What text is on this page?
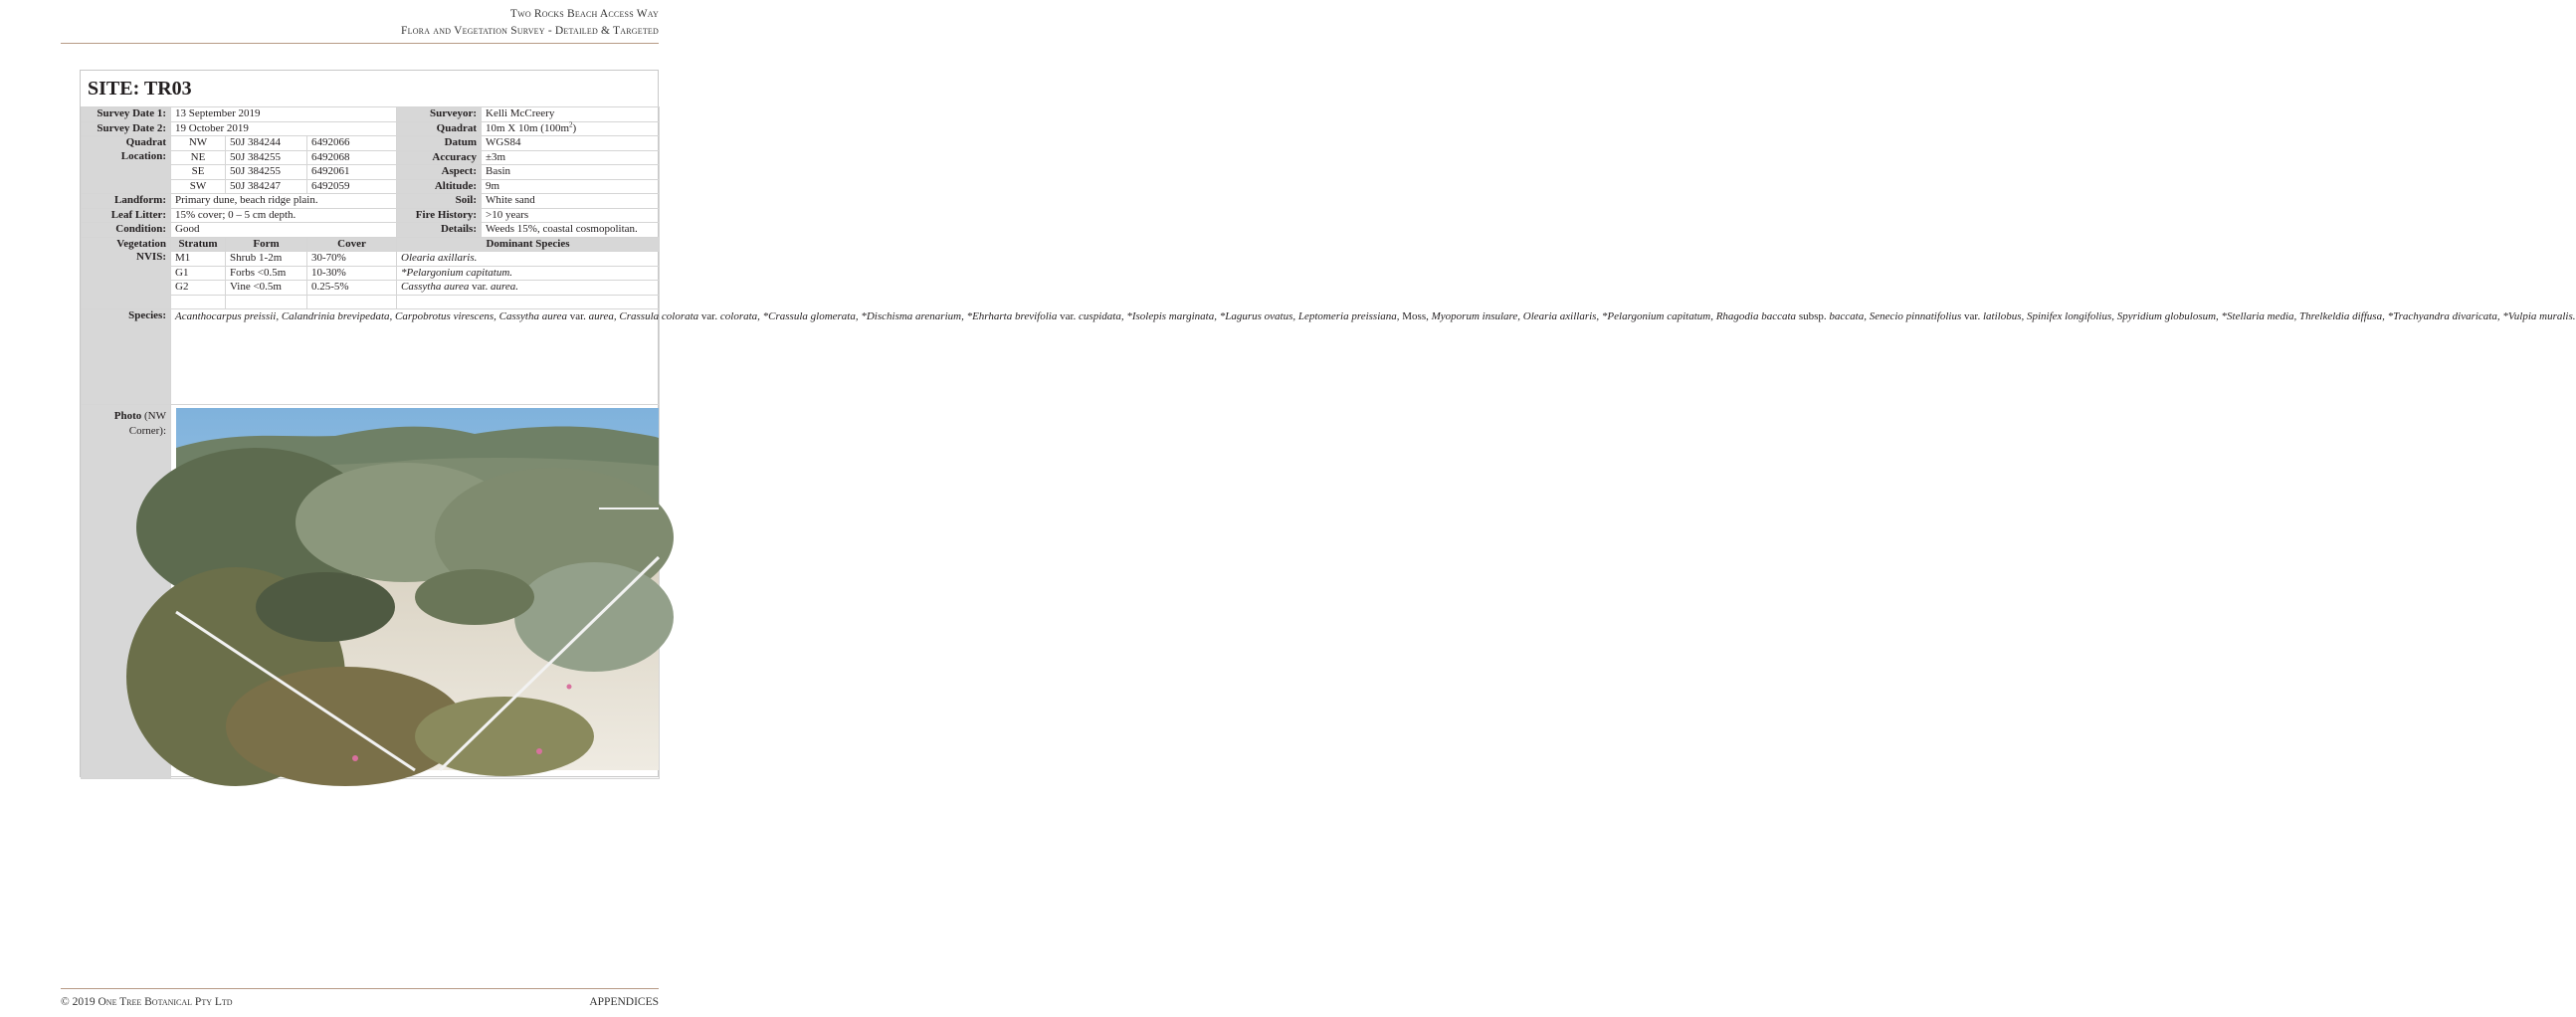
Two Rocks Beach Access Way
Flora and Vegetation Survey - Detailed & Targeted
SITE: TR03
Survey Date 1:	13 September 2019			Surveyor:	Kelli McCreery
Survey Date 2:	19 October 2019			Quadrat	10m X 10m $(100m^2)$

Quadrat
Location:	NW	50J 384244	6492066	Datum	WGS84
	NE	50J 384255	6492068	Accuracy	±3m
	SE	50J 384255	6492061	Aspect:	Basin
	SW	50J 384247	6492059	Altitude:	9m
Landform:	Primary dune, beach ridge plain.			Soil:	White sand
Leaf Litter:	15% cover; 0 – 5 cm depth.			Fire History:	>10 years
Condition:	Good			Details:	Weeds 15%, coastal cosmopolitan.

Vegetation
NVIS:	Stratum	Form	Cover	Dominant Species	
	M1	Shrub 1-2m	30-70%	Olearia axillaris.	
	G1	Forbs <0.5m	10-30%	*Pelargonium capitatum.	
	G2	Vine <0.5m	0.25-5%	Cassytha aurea var. aurea.	

Species:	Acanthocarpus preissii, Calandrinia brevipedata, Carpobrotus virescens, Cassytha aurea var. aurea, Crassula colorata var. colorata, *Crassula glomerata, *Dischisma arenarium, *Ehrharta brevifolia var. cuspidata, *Isolepis marginata, *Lagurus ovatus, Leptomeria preissiana, Moss, Myoporum insulare, Olearia axillaris, *Pelargonium capitatum, Rhagodia baccata subsp. baccata, Senecio pinnatifolius var. latilobus, Spinifex longifolius, Spyridium globulosum, *Stellaria media, Threlkeldia diffusa, *Trachyandra divaricata, *Vulpia muralis.				

Photo (NW
Corner):					

© 2019 One Tree Botanical Pty Ltd	APPENDICES
